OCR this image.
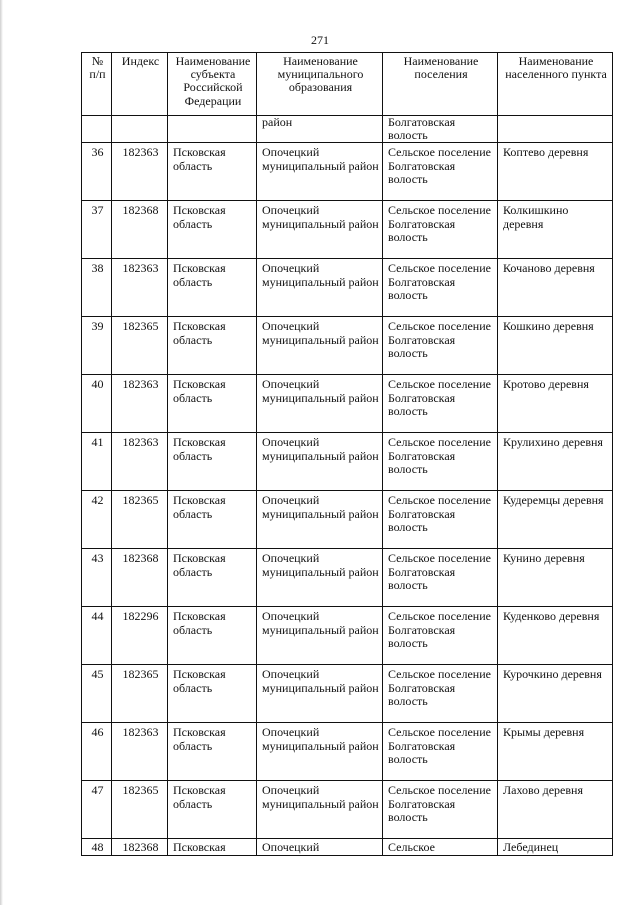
271
№ п/п	Индекс	Наименование субъекта Российской Федерации	Наименование муниципального образования	Наименование поселения	Наименование населенного пункта
			район	Болгатовская волость	
36	182363	Псковская область	Опочецкий муниципальный район	Сельское поселение Болгатовская волость	Коптево деревня
37	182368	Псковская область	Опочецкий муниципальный район	Сельское поселение Болгатовская волость	Колкишкино деревня
38	182363	Псковская область	Опочецкий муниципальный район	Сельское поселение Болгатовская волость	Кочаново деревня
39	182365	Псковская область	Опочецкий муниципальный район	Сельское поселение Болгатовская волость	Кошкино деревня
40	182363	Псковская область	Опочецкий муниципальный район	Сельское поселение Болгатовская волость	Кротово деревня
41	182363	Псковская область	Опочецкий муниципальный район	Сельское поселение Болгатовская волость	Крулихино деревня
42	182365	Псковская область	Опочецкий муниципальный район	Сельское поселение Болгатовская волость	Кудеремцы деревня
43	182368	Псковская область	Опочецкий муниципальный район	Сельское поселение Болгатовская волость	Кунино деревня
44	182296	Псковская область	Опочецкий муниципальный район	Сельское поселение Болгатовская волость	Куденково деревня
45	182365	Псковская область	Опочецкий муниципальный район	Сельское поселение Болгатовская волость	Курочкино деревня
46	182363	Псковская область	Опочецкий муниципальный район	Сельское поселение Болгатовская волость	Крымы деревня
47	182365	Псковская область	Опочецкий муниципальный район	Сельское поселение Болгатовская волость	Лахово деревня
48	182368	Псковская	Опочецкий	Сельское	Лебединец
